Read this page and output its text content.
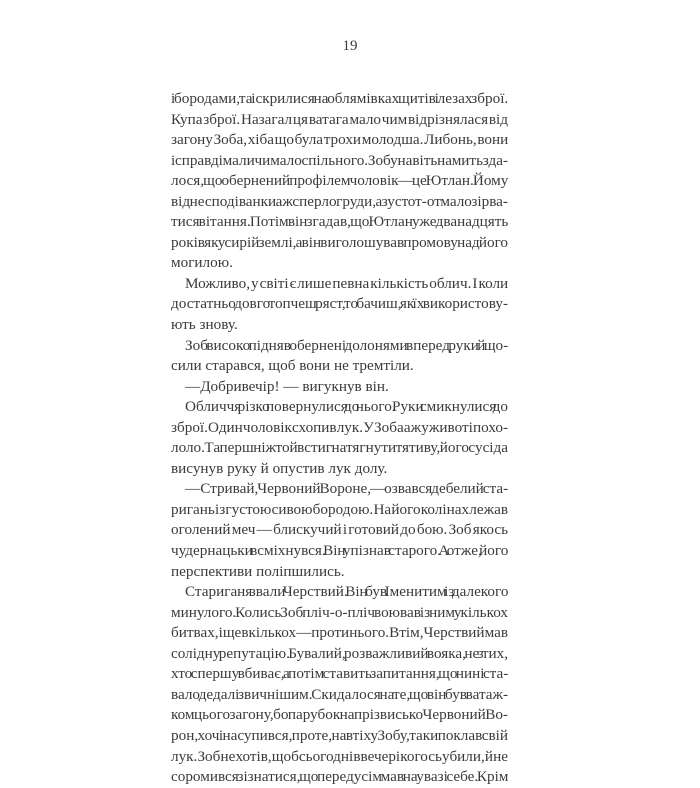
19
і бородами, та іскрилися на облямівках щитів і лезах зброї.
Купа зброї. Назагал ця ватага мало чим відрізнялася від
загону Зоба, хіба що була трохи молодша. Либонь, вони
і справді мали чимало спільного. Зобу навіть на мить зда-
лося, що обернений профілем чоловік — це Ютлан. Йому
від несподіванки аж сперло груди, а з уст от-от мало зірва-
тися вітання. Потім він згадав, що Ютлан уже дванадцять
років як у сирій землі, а він виголошував промову над його
могилою.
Можливо, у світі є лише певна кількість облич. І коли
достатньо довго топчеш ряст, то бачиш, як їх використову-
ють знову.
Зоб високо підняв обернені долонями вперед руки й що-
сили старався, щоб вони не тремтіли.
—Добривечір! — вигукнув він.
Обличчя різко повернулися до нього. Руки смикнулися до
зброї. Один чоловік схопив лук. У Зоба аж у животі похо-
лоло. Та перш ніж той встиг натягнути тятиву, його сусіда
висунув руку й опустив лук долу.
—Стривай, Червоний Вороне, — озвався дебелий ста-
ригань із густою сивою бородою. На його колінах лежав
оголений меч — блискучий і готовий до бою. Зоб якось
чудернацьки всміхнувся. Він упізнав старого. А отже, його
перспективи поліпшились.
Стариганя звали Черствий. Він був Іменитим із далекого
минулого. Колись Зоб пліч-о-пліч воював із ним у кількох
битвах, і ще в кількох — проти нього. Втім, Черствий мав
солідну репутацію. Бувалий, розважливий вояка, не з тих,
хто спершу вбиває, а потім ставить запитання, що нині ста-
вало дедалі звичнішим. Скидалося на те, що він був ватаж-
ком цього загону, бо парубок на прізвисько Червоний Во-
рон, хоч і насупився, проте, на втіху Зобу, таки поклав свій
лук. Зоб не хотів, щоб сьогодні ввечері когось убили, й не
соромився зізнатися, що передусім мав на увазі себе. Крім
